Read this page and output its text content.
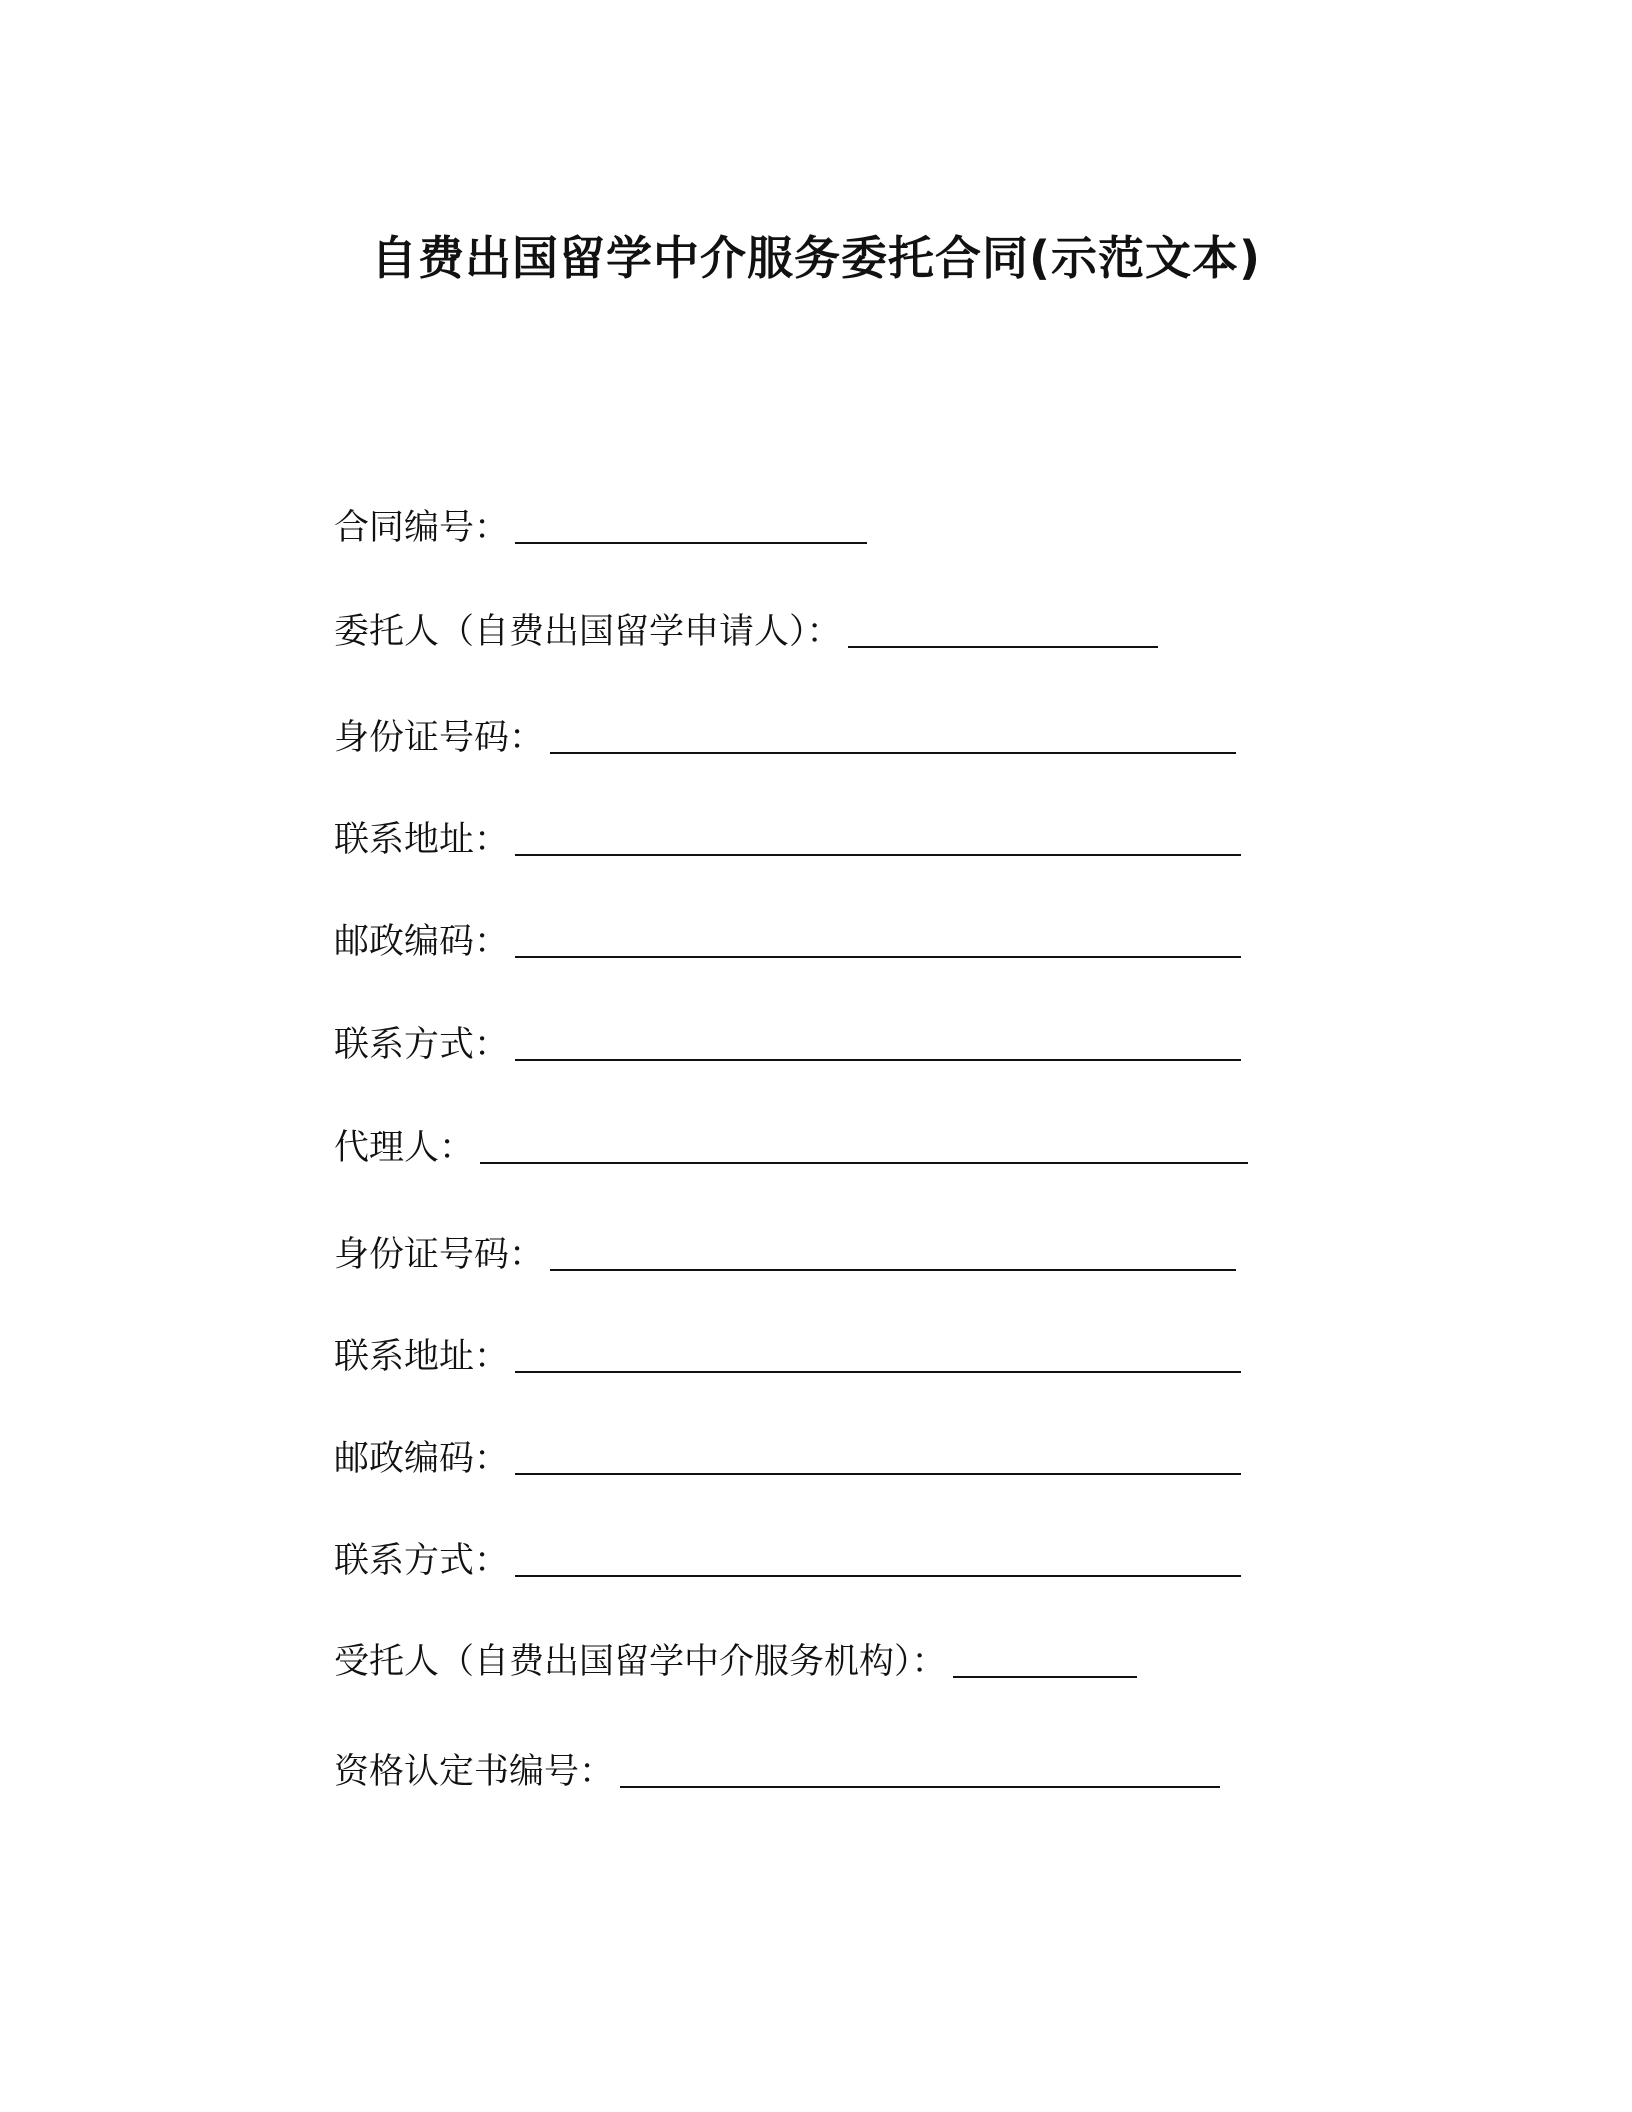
自费出国留学中介服务委托合同(示范文本)
合同编号：
委托人（自费出国留学申请人）：
身份证号码：
联系地址：
邮政编码：
联系方式：
代理人：
身份证号码：
联系地址：
邮政编码：
联系方式：
受托人（自费出国留学中介服务机构）：
资格认定书编号：
